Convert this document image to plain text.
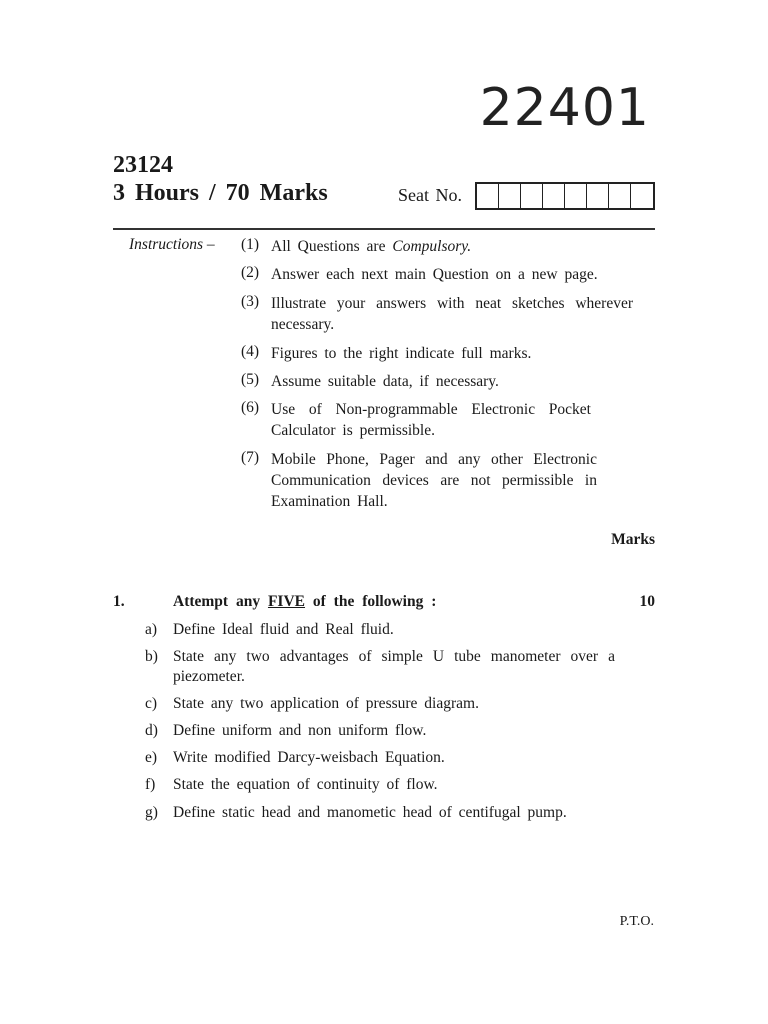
22401
23124
3 Hours / 70 Marks	Seat No.
Instructions – (1) All Questions are Compulsory.
(2) Answer each next main Question on a new page.
(3) Illustrate your answers with neat sketches wherever necessary.
(4) Figures to the right indicate full marks.
(5) Assume suitable data, if necessary.
(6) Use of Non-programmable Electronic Pocket Calculator is permissible.
(7) Mobile Phone, Pager and any other Electronic Communication devices are not permissible in Examination Hall.
Marks
1.	Attempt any FIVE of the following :	10
a) Define Ideal fluid and Real fluid.
b) State any two advantages of simple U tube manometer over a piezometer.
c) State any two application of pressure diagram.
d) Define uniform and non uniform flow.
e) Write modified Darcy-weisbach Equation.
f) State the equation of continuity of flow.
g) Define static head and manometic head of centifugal pump.
P.T.O.
